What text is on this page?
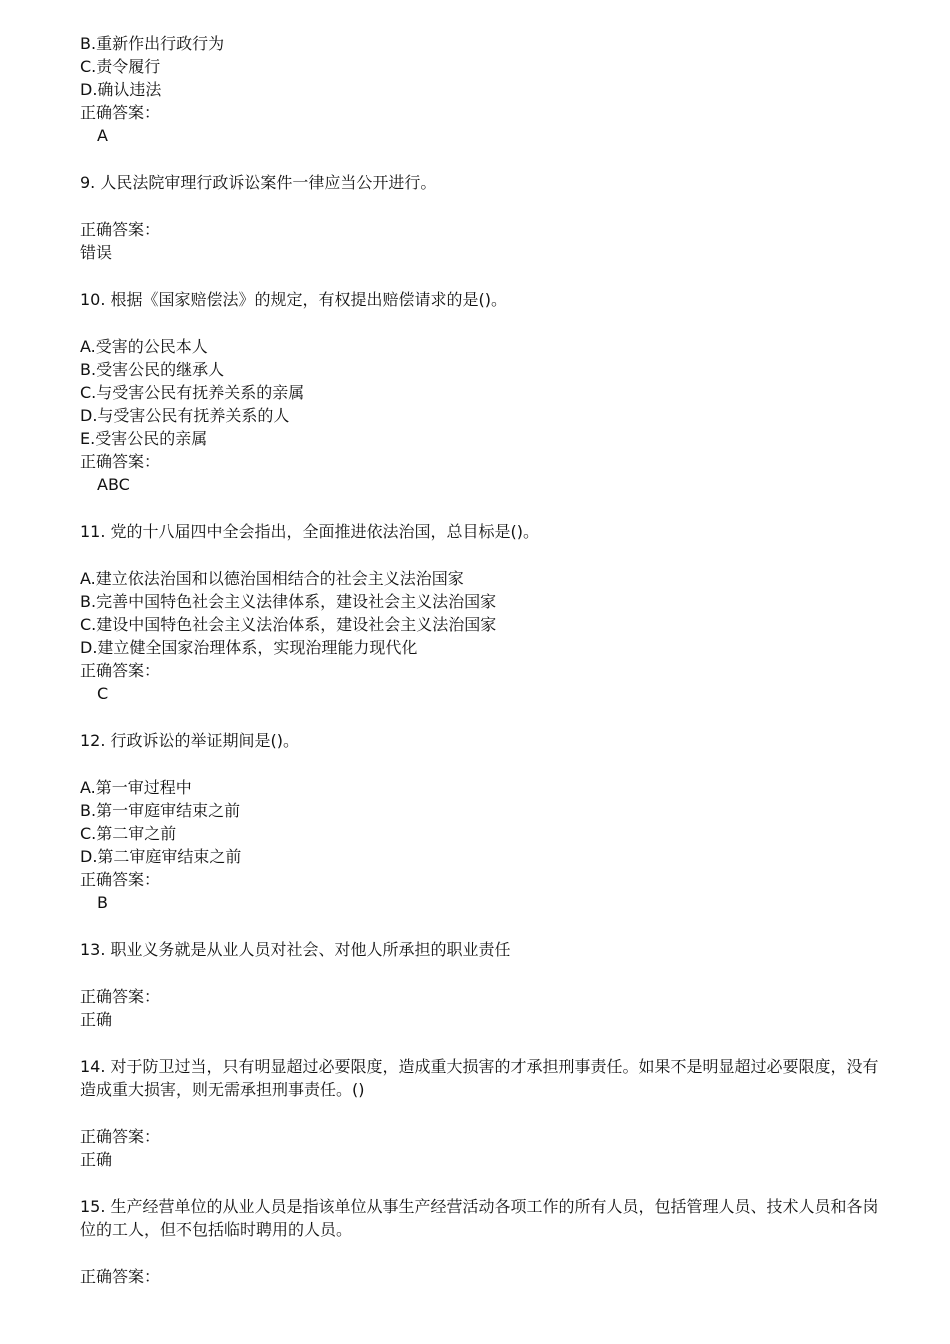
B.重新作出行政行为
C.责令履行
D.确认违法
正确答案：
A
9. 人民法院审理行政诉讼案件一律应当公开进行。
正确答案：
错误
10. 根据《国家赔偿法》的规定，有权提出赔偿请求的是()。
A.受害的公民本人
B.受害公民的继承人
C.与受害公民有抚养关系的亲属
D.与受害公民有抚养关系的人
E.受害公民的亲属
正确答案：
ABC
11. 党的十八届四中全会指出，全面推进依法治国，总目标是()。
A.建立依法治国和以德治国相结合的社会主义法治国家
B.完善中国特色社会主义法律体系，建设社会主义法治国家
C.建设中国特色社会主义法治体系，建设社会主义法治国家
D.建立健全国家治理体系，实现治理能力现代化
正确答案：
C
12. 行政诉讼的举证期间是()。
A.第一审过程中
B.第一审庭审结束之前
C.第二审之前
D.第二审庭审结束之前
正确答案：
B
13. 职业义务就是从业人员对社会、对他人所承担的职业责任
正确答案：
正确
14. 对于防卫过当，只有明显超过必要限度，造成重大损害的才承担刑事责任。如果不是明显超过必要限度，没有造成重大损害，则无需承担刑事责任。()
正确答案：
正确
15. 生产经营单位的从业人员是指该单位从事生产经营活动各项工作的所有人员，包括管理人员、技术人员和各岗位的工人，但不包括临时聘用的人员。
正确答案：
